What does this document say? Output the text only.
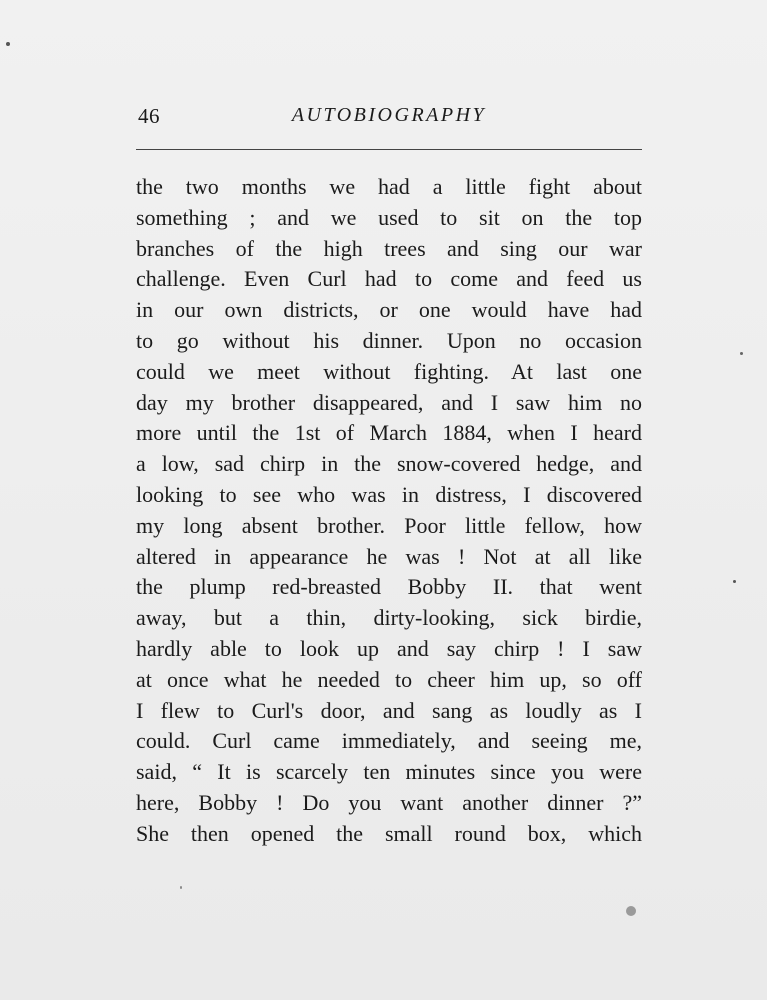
46	AUTOBIOGRAPHY
the two months we had a little fight about
something ; and we used to sit on the top
branches of the high trees and sing our war
challenge. Even Curl had to come and feed us
in our own districts, or one would have had
to go without his dinner. Upon no occasion
could we meet without fighting. At last one
day my brother disappeared, and I saw him no
more until the 1st of March 1884, when I heard
a low, sad chirp in the snow-covered hedge, and
looking to see who was in distress, I discovered
my long absent brother. Poor little fellow, how
altered in appearance he was ! Not at all like
the plump red-breasted Bobby II. that went
away, but a thin, dirty-looking, sick birdie,
hardly able to look up and say chirp ! I saw
at once what he needed to cheer him up, so off
I flew to Curl's door, and sang as loudly as I
could. Curl came immediately, and seeing me,
said, “ It is scarcely ten minutes since you were
here, Bobby ! Do you want another dinner ?”
She then opened the small round box, which
